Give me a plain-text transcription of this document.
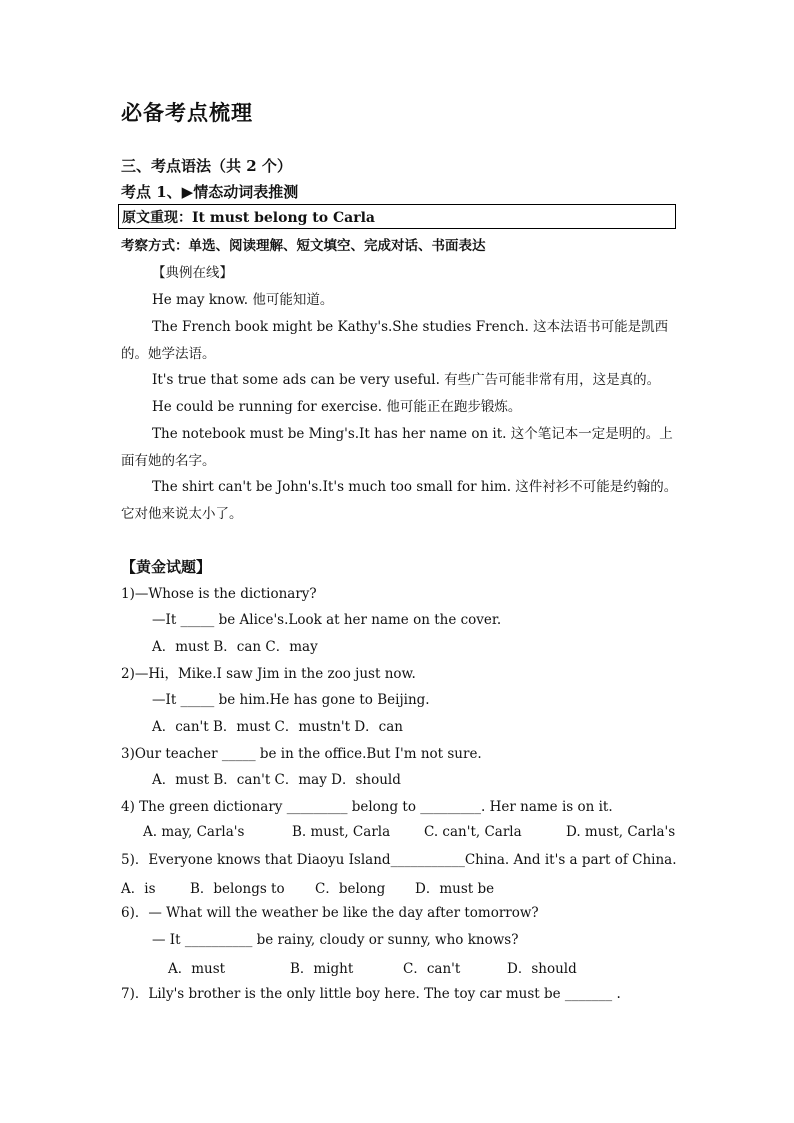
必备考点梳理
三、考点语法（共 2 个）
考点 1、▶情态动词表推测
原文重现：It must belong to Carla
考察方式：单选、阅读理解、短文填空、完成对话、书面表达
【典例在线】
He may know. 他可能知道。
The French book might be Kathy's.She studies French. 这本法语书可能是凯西
的。她学法语。
It's true that some ads can be very useful. 有些广告可能非常有用，这是真的。
He could be running for exercise. 他可能正在跑步锻炼。
The notebook must be Ming's.It has her name on it. 这个笔记本一定是明的。上
面有她的名字。
The shirt can't be John's.It's much too small for him. 这件衬衫不可能是约翰的。
它对他来说太小了。
【黄金试题】
1)—Whose is the dictionary?
—It _____ be Alice's.Look at her name on the cover.
A．must B．can C．may
2)—Hi，Mike.I saw Jim in the zoo just now.
—It _____ be him.He has gone to Beijing.
A．can't B．must C．mustn't D．can
3)Our teacher _____ be in the office.But I'm not sure.
A．must B．can't C．may D．should
4) The green dictionary _________ belong to _________. Her name is on it.
A. may, Carla's	B. must, Carla	C. can't, Carla	D. must, Carla's
5)．Everyone knows that Diaoyu Island___________China. And it's a part of China.
A．is	B．belongs to C．belong D．must be
6)．— What will the weather be like the day after tomorrow?
— It __________ be rainy, cloudy or sunny, who knows?
A．must	B．might	C．can't	D．should
7)．Lily's brother is the only little boy here. The toy car must be _______ .
